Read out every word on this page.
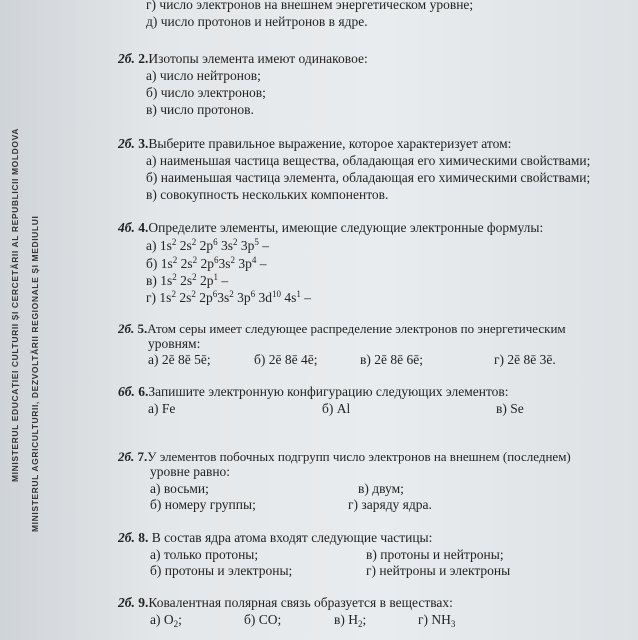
MINISTERUL EDUCAȚIEI CULTURII ȘI CERCETĂRII AL REPUBLICII MOLDOVA MINISTERUL AGRICULTURII, DEZVOLTĂRII REGIONALE ȘI MEDIULUI
г) число электронов на внешнем энергетическом уровне;
д) число протонов и нейтронов в ядре.
2б. 2.Изотопы элемента имеют одинаковое:
а) число нейтронов;
б) число электронов;
в) число протонов.
2б. 3.Выберите правильное выражение, которое характеризует атом:
а) наименьшая частица вещества, обладающая его химическими свойствами;
б) наименьшая частица элемента, обладающая его химическими свойствами;
в) совокупность нескольких компонентов.
4б. 4.Определите элементы, имеющие следующие электронные формулы:
а) $1s^2$ $2s^2$ $2p^6$ $3s^2$ $3p^5$ –
б) $1s^2$ $2s^2$ $2p^63s^2$ $3p^4$ –
в) $1s^2$ $2s^2$ $2p^1$ –
г) $1s^2$ $2s^2$ $2p^63s^2$ $3p^6$ $3d^{10}$ $4s^1$ –
2б. 5.Атом серы имеет следующее распределение электронов по энергетическим
уровням:
а) 2ē 8ē 5ē;	б) 2ē 8ē 4ē;	в) 2ē 8ē 6ē;	г) 2ē 8ē 3ē.
6б. 6.Запишите электронную конфигурацию следующих элементов:
а) Fe	б) Al	в) Se
2б. 7.У элементов побочных подгрупп число электронов на внешнем (последнем)
уровне равно:
а) восьми;	в) двум;
б) номеру группы;	г) заряду ядра.
2б. 8. В состав ядра атома входят следующие частицы:
а) только протоны;	в) протоны и нейтроны;
б) протоны и электроны;	г) нейтроны и электроны
2б. 9.Ковалентная полярная связь образуется в веществах:
а) $O_2$;	б) CO;	в) $H_2$;	г) $NH_3$
